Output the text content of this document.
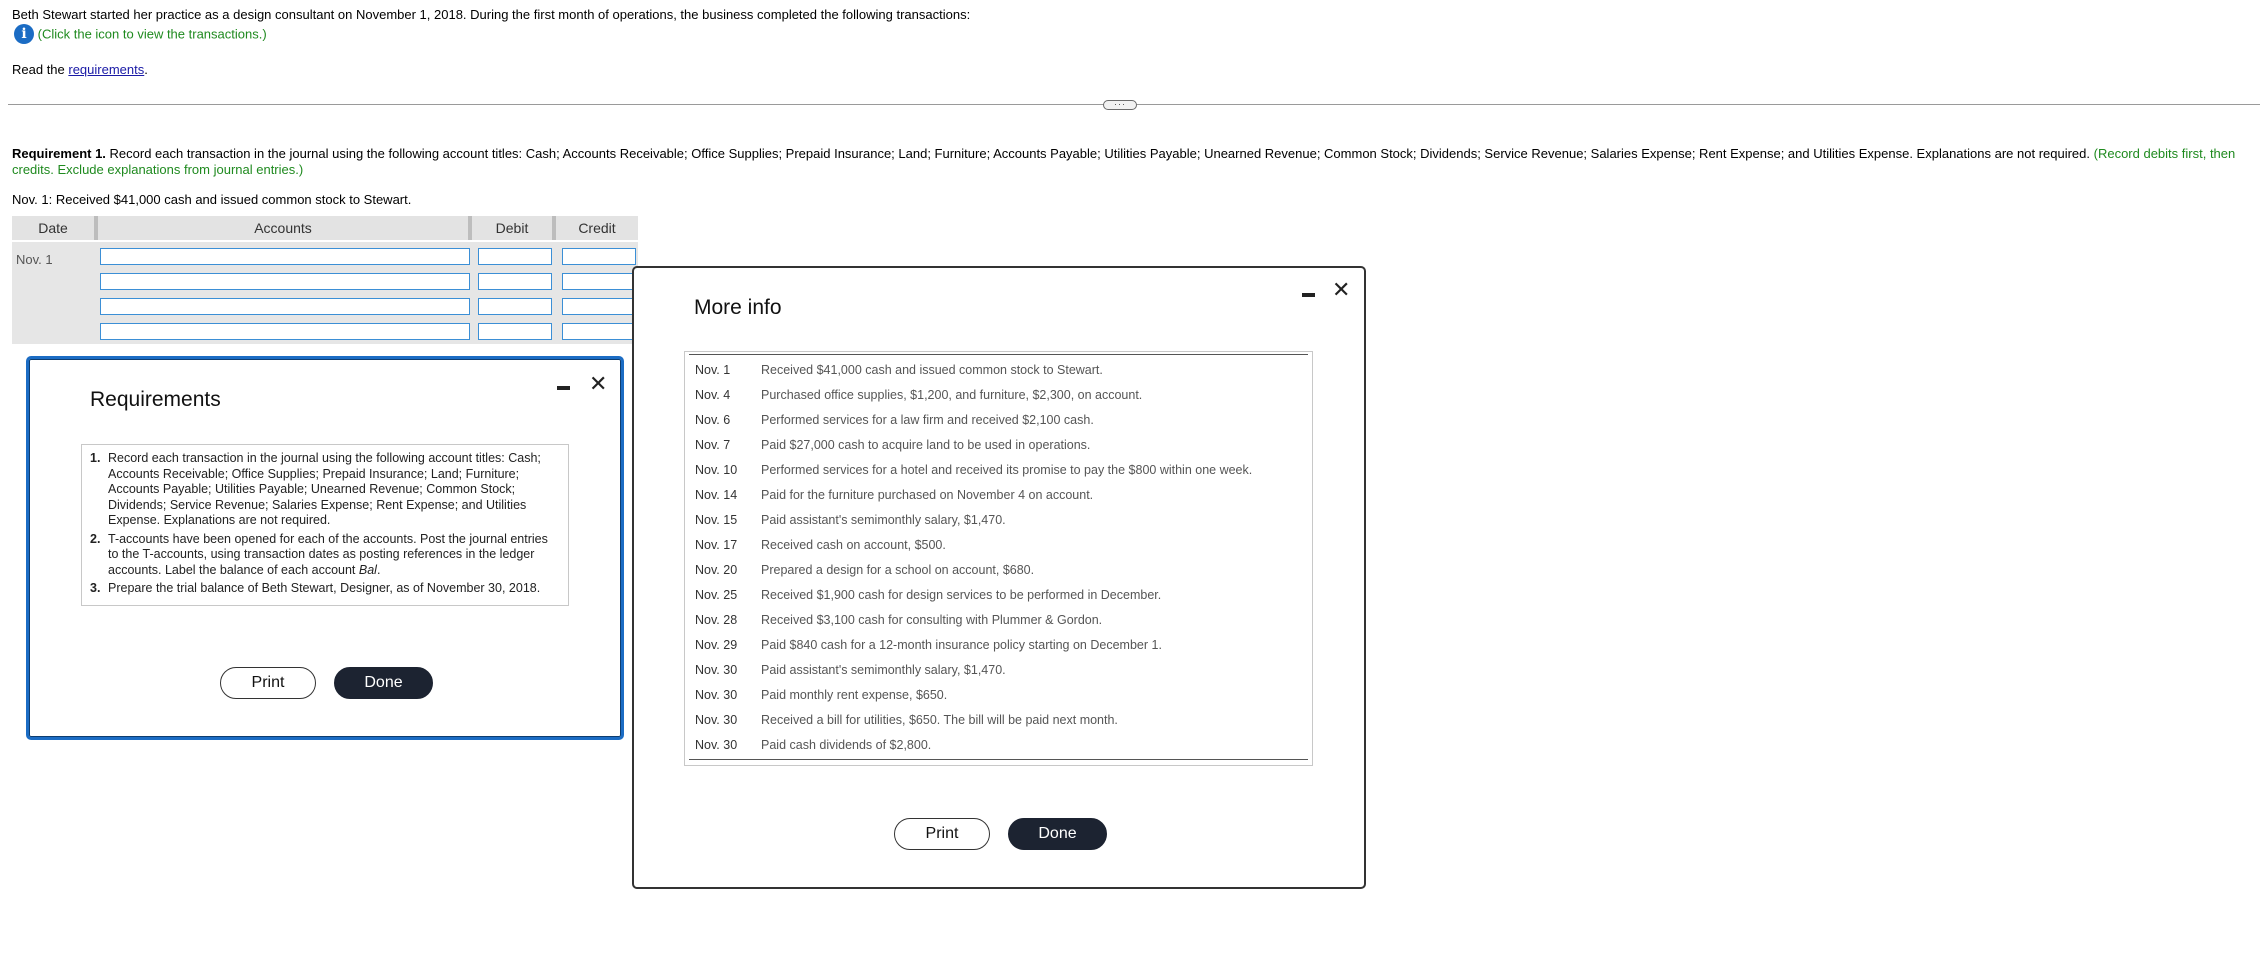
Beth Stewart started her practice as a design consultant on November 1, 2018. During the first month of operations, the business completed the following transactions:
i (Click the icon to view the transactions.)
Read the requirements.
···
Requirement 1. Record each transaction in the journal using the following account titles: Cash; Accounts Receivable; Office Supplies; Prepaid Insurance; Land; Furniture; Accounts Payable; Utilities Payable; Unearned Revenue; Common Stock; Dividends; Service Revenue; Salaries Expense; Rent Expense; and Utilities Expense. Explanations are not required. (Record debits first, then
credits. Exclude explanations from journal entries.)
Nov. 1: Received $41,000 cash and issued common stock to Stewart.
Date	Accounts	Debit	Credit
Nov. 1
Requirements
✕
1. Record each transaction in the journal using the following account titles: Cash; Accounts Receivable; Office Supplies; Prepaid Insurance; Land; Furniture; Accounts Payable; Utilities Payable; Unearned Revenue; Common Stock; Dividends; Service Revenue; Salaries Expense; Rent Expense; and Utilities Expense. Explanations are not required.
2. T-accounts have been opened for each of the accounts. Post the journal entries to the T-accounts, using transaction dates as posting references in the ledger accounts. Label the balance of each account Bal.
3. Prepare the trial balance of Beth Stewart, Designer, as of November 30, 2018.
Print	Done
More info
✕
Nov. 1 Received $41,000 cash and issued common stock to Stewart.
Nov. 4 Purchased office supplies, $1,200, and furniture, $2,300, on account.
Nov. 6 Performed services for a law firm and received $2,100 cash.
Nov. 7 Paid $27,000 cash to acquire land to be used in operations.
Nov. 10 Performed services for a hotel and received its promise to pay the $800 within one week.
Nov. 14 Paid for the furniture purchased on November 4 on account.
Nov. 15 Paid assistant's semimonthly salary, $1,470.
Nov. 17 Received cash on account, $500.
Nov. 20 Prepared a design for a school on account, $680.
Nov. 25 Received $1,900 cash for design services to be performed in December.
Nov. 28 Received $3,100 cash for consulting with Plummer & Gordon.
Nov. 29 Paid $840 cash for a 12-month insurance policy starting on December 1.
Nov. 30 Paid assistant's semimonthly salary, $1,470.
Nov. 30 Paid monthly rent expense, $650.
Nov. 30 Received a bill for utilities, $650. The bill will be paid next month.
Nov. 30 Paid cash dividends of $2,800.
Print	Done
